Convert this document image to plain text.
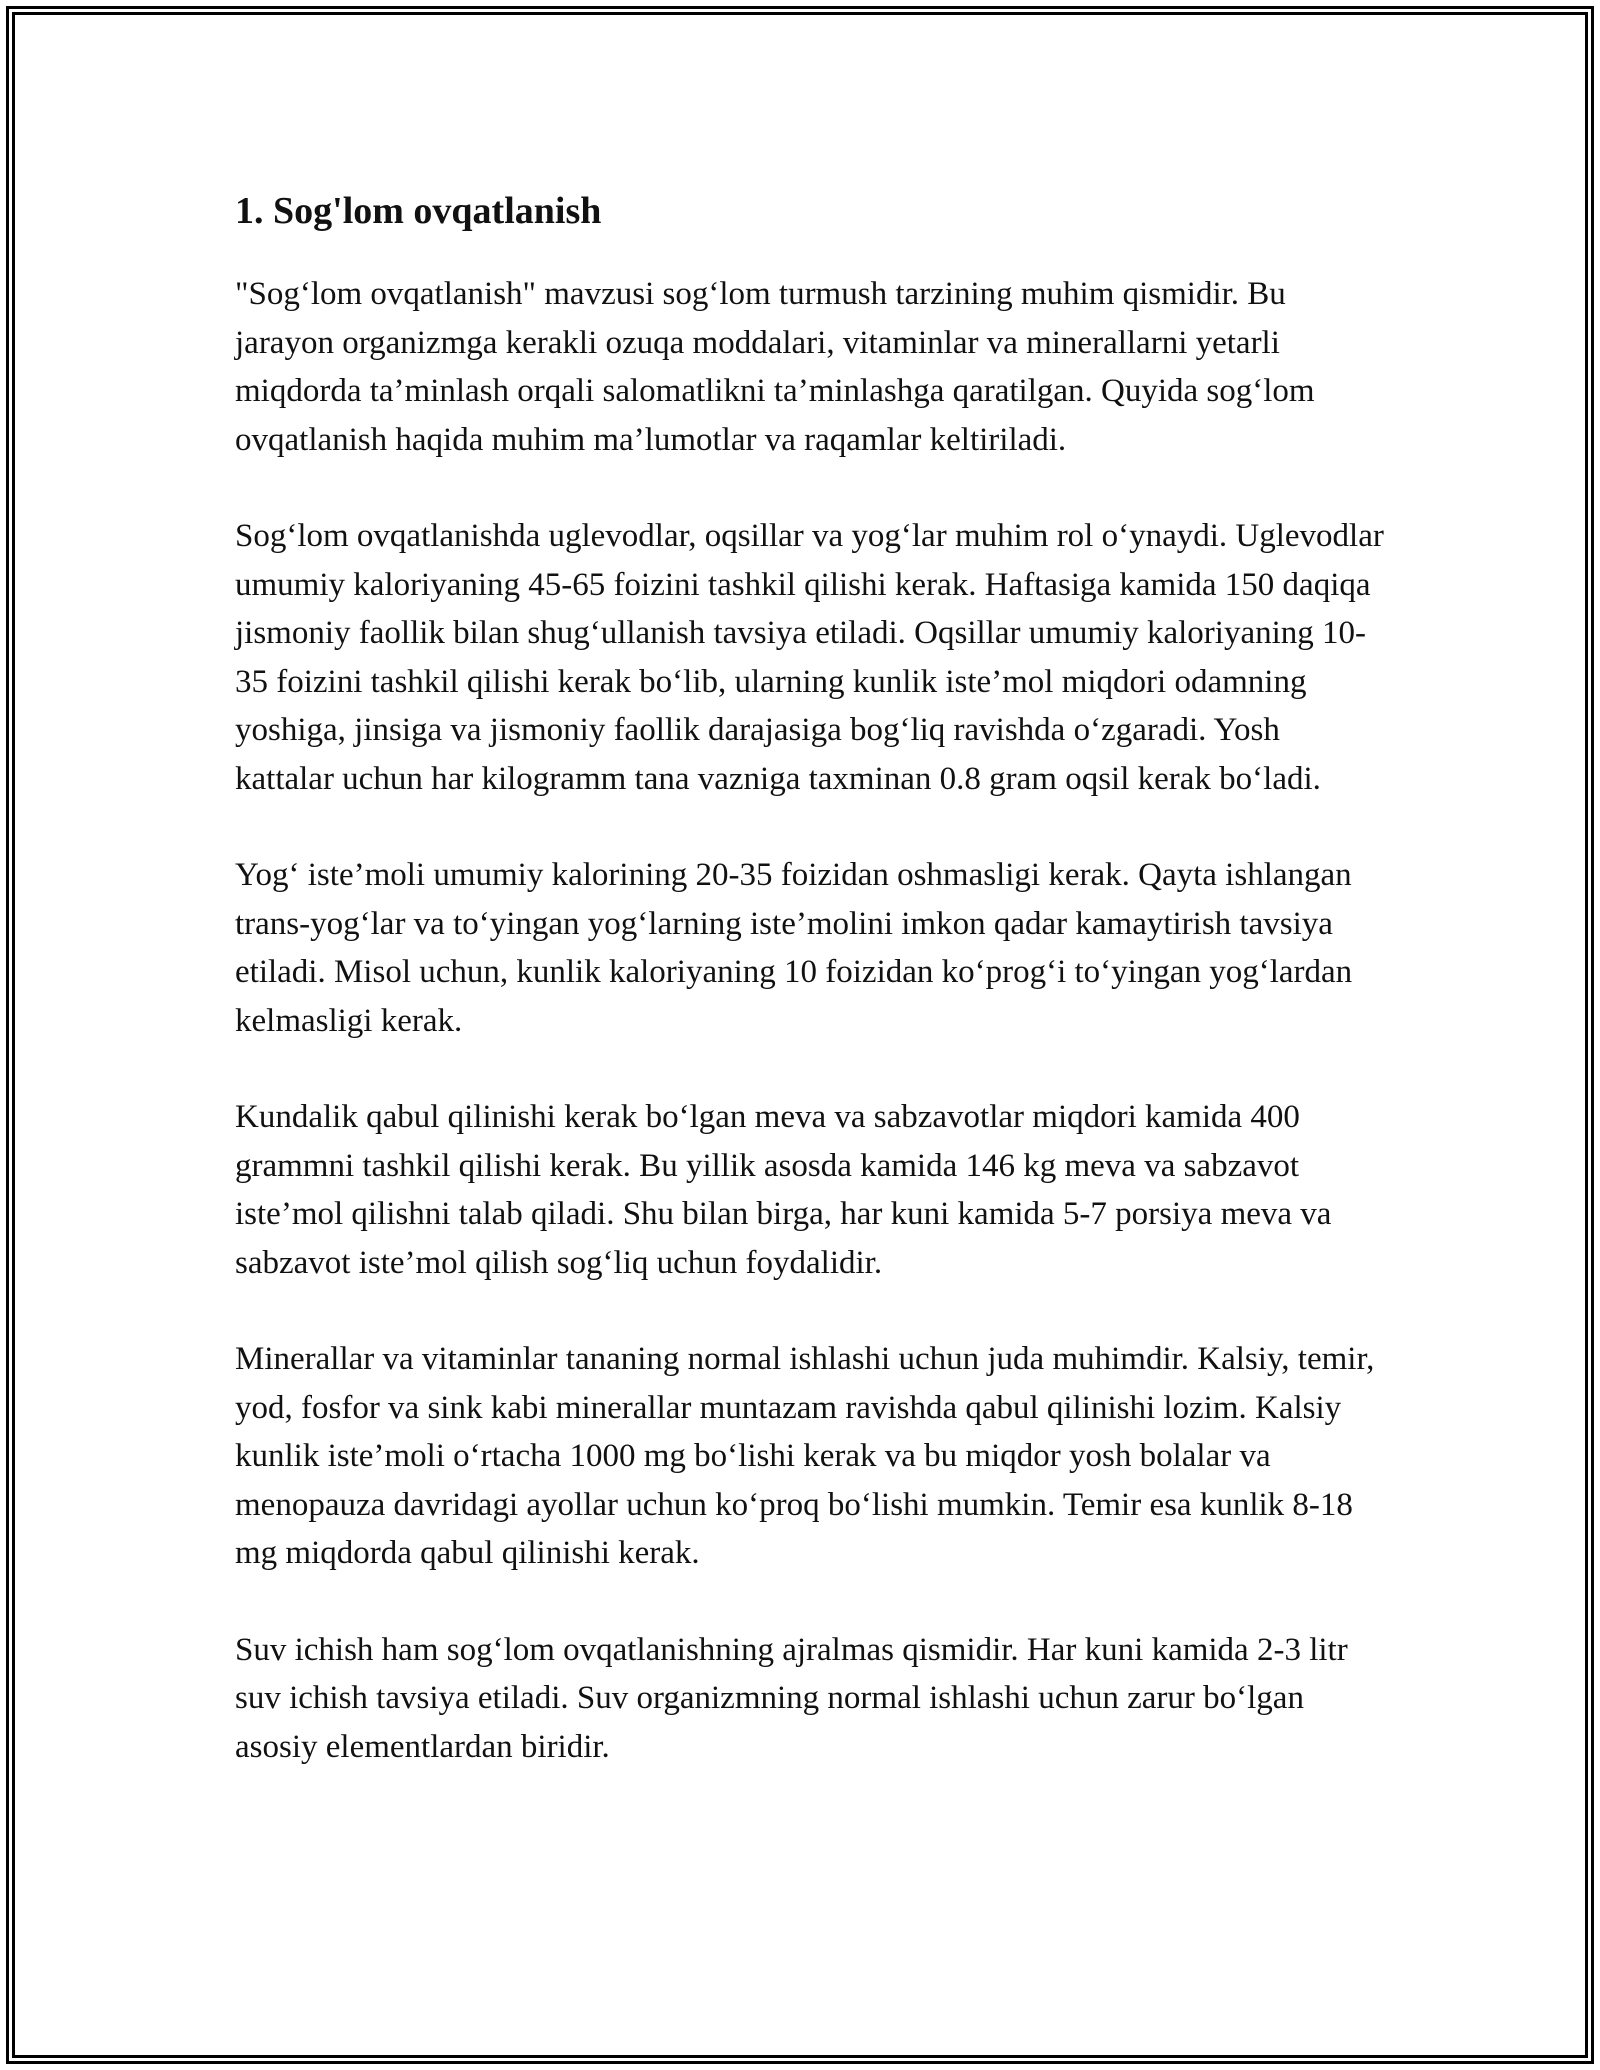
1. Sog'lom ovqatlanish

"Sog‘lom ovqatlanish" mavzusi sog‘lom turmush tarzining muhim qismidir. Bu jarayon organizmga kerakli ozuqa moddalari, vitaminlar va minerallarni yetarli miqdorda ta’minlash orqali salomatlikni ta’minlashga qaratilgan. Quyida sog‘lom ovqatlanish haqida muhim ma’lumotlar va raqamlar keltiriladi.

Sog‘lom ovqatlanishda uglevodlar, oqsillar va yog‘lar muhim rol o‘ynaydi. Uglevodlar umumiy kaloriyaning 45-65 foizini tashkil qilishi kerak. Haftasiga kamida 150 daqiqa jismoniy faollik bilan shug‘ullanish tavsiya etiladi. Oqsillar umumiy kaloriyaning 10-35 foizini tashkil qilishi kerak bo‘lib, ularning kunlik iste’mol miqdori odamning yoshiga, jinsiga va jismoniy faollik darajasiga bog‘liq ravishda o‘zgaradi. Yosh kattalar uchun har kilogramm tana vazniga taxminan 0.8 gram oqsil kerak bo‘ladi.

Yog‘ iste’moli umumiy kalorining 20-35 foizidan oshmasligi kerak. Qayta ishlangan trans-yog‘lar va to‘yingan yog‘larning iste’molini imkon qadar kamaytirish tavsiya etiladi. Misol uchun, kunlik kaloriyaning 10 foizidan ko‘prog‘i to‘yingan yog‘lardan kelmasligi kerak.

Kundalik qabul qilinishi kerak bo‘lgan meva va sabzavotlar miqdori kamida 400 grammni tashkil qilishi kerak. Bu yillik asosda kamida 146 kg meva va sabzavot iste’mol qilishni talab qiladi. Shu bilan birga, har kuni kamida 5-7 porsiya meva va sabzavot iste’mol qilish sog‘liq uchun foydalidir.

Minerallar va vitaminlar tananing normal ishlashi uchun juda muhimdir. Kalsiy, temir, yod, fosfor va sink kabi minerallar muntazam ravishda qabul qilinishi lozim. Kalsiy kunlik iste’moli o‘rtacha 1000 mg bo‘lishi kerak va bu miqdor yosh bolalar va menopauza davridagi ayollar uchun ko‘proq bo‘lishi mumkin. Temir esa kunlik 8-18 mg miqdorda qabul qilinishi kerak.

Suv ichish ham sog‘lom ovqatlanishning ajralmas qismidir. Har kuni kamida 2-3 litr suv ichish tavsiya etiladi. Suv organizmning normal ishlashi uchun zarur bo‘lgan asosiy elementlardan biridir.
